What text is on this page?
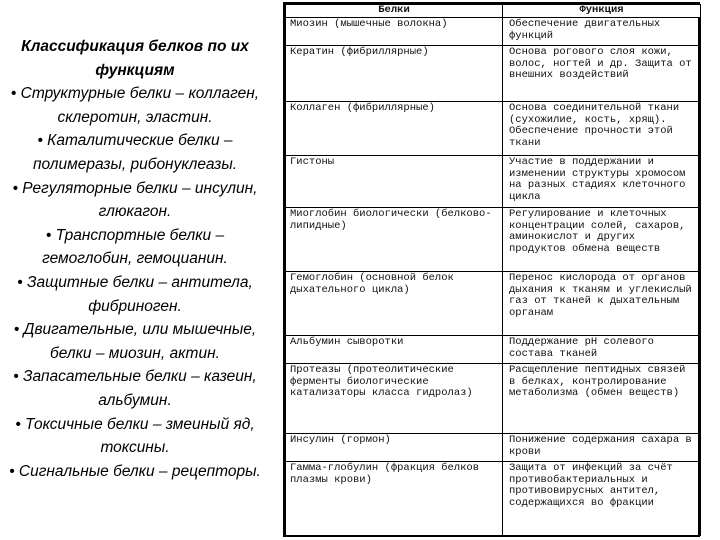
Классификация белков по их функциям

• Структурные белки – коллаген, склеротин, эластин.

• Каталитические белки – полимеразы, рибонуклеазы.

• Регуляторные белки – инсулин, глюкагон.

• Транспортные белки – гемоглобин, гемоцианин.

• Защитные белки – антитела, фибриноген.

• Двигательные, или мышечные, белки – миозин, актин.

• Запасательные белки – казеин, альбумин.

• Токсичные белки – змеиный яд, токсины.

• Сигнальные белки – рецепторы.

Белки	Функция
Миозин (мышечные волокна)	Обеспечение двигательных функций
Кератин (фибриллярные)	Основа рогового слоя кожи, волос, ногтей и др. Защита от внешних воздействий
Коллаген (фибриллярные)	Основа соединительной ткани (сухожилие, кость, хрящ). Обеспечение прочности этой ткани
Гистоны	Участие в поддержании и изменении структуры хромосом на разных стадиях клеточного цикла
Миоглобин биологически (белково-липидные)	Регулирование и клеточных концентрации солей, сахаров, аминокислот и других продуктов обмена веществ
Гемоглобин (основной белок дыхательного цикла)	Перенос кислорода от органов дыхания к тканям и углекислый газ от тканей к дыхательным органам
Альбумин сыворотки	Поддержание pH солевого состава тканей
Протеазы (протеолитические ферменты биологические катализаторы класса гидролаз)	Расщепление пептидных связей в белках, контролирование метаболизма (обмен веществ)
Инсулин (гормон)	Понижение содержания сахара в крови
Гамма-глобулин (фракция белков плазмы крови)	Защита от инфекций за счёт противобактериальных и противовирусных антител, содержащихся во фракции
